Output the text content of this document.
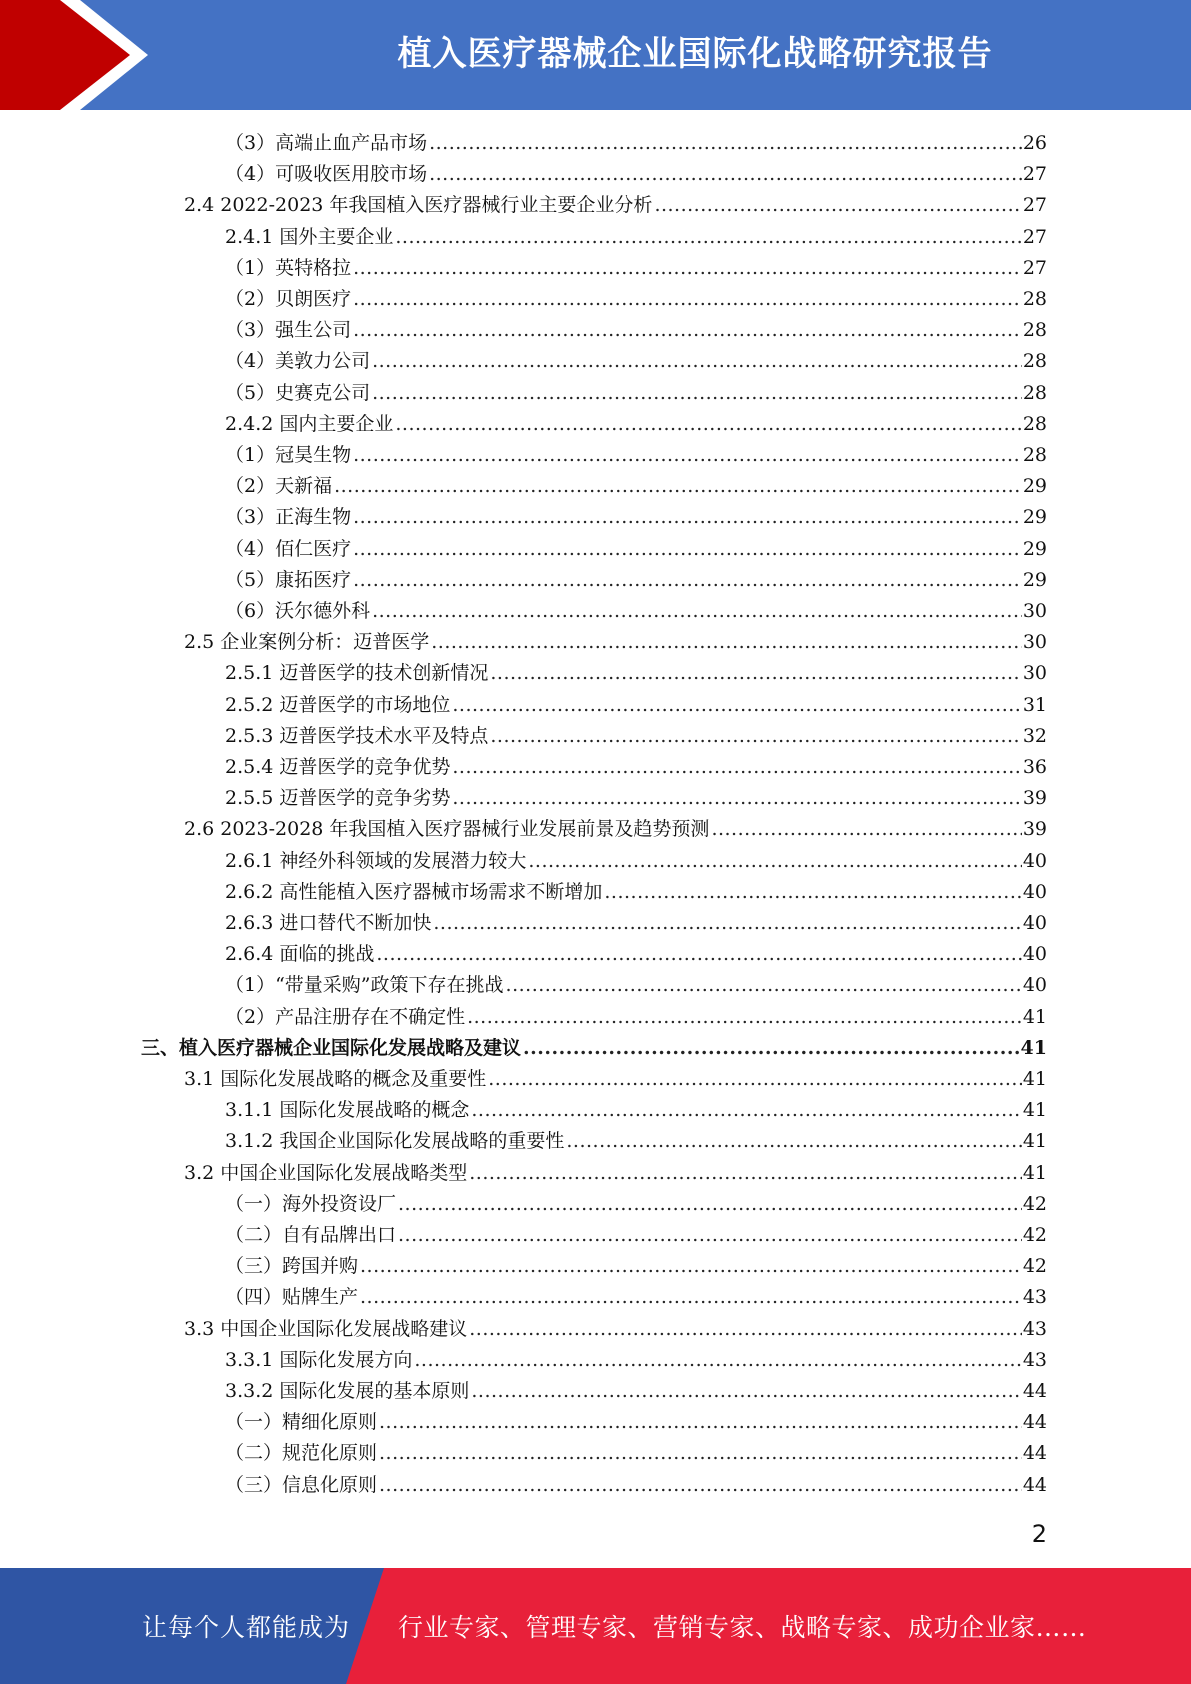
植入医疗器械企业国际化战略研究报告
（3）高端止血产品市场 .....	26
（4）可吸收医用胶市场 .....	27
2.4 2022-2023 年我国植入医疗器械行业主要企业分析 .....	27
2.4.1 国外主要企业 .....	27
（1）英特格拉 .....	27
（2）贝朗医疗 .....	28
（3）强生公司 .....	28
（4）美敦力公司 .....	28
（5）史赛克公司 .....	28
2.4.2 国内主要企业 .....	28
（1）冠昊生物 .....	28
（2）天新福 .....	29
（3）正海生物 .....	29
（4）佰仁医疗 .....	29
（5）康拓医疗 .....	29
（6）沃尔德外科 .....	30
2.5 企业案例分析：迈普医学 .....	30
2.5.1 迈普医学的技术创新情况 .....	30
2.5.2 迈普医学的市场地位 .....	31
2.5.3 迈普医学技术水平及特点 .....	32
2.5.4 迈普医学的竞争优势 .....	36
2.5.5 迈普医学的竞争劣势 .....	39
2.6 2023-2028 年我国植入医疗器械行业发展前景及趋势预测 .....	39
2.6.1 神经外科领域的发展潜力较大 .....	40
2.6.2 高性能植入医疗器械市场需求不断增加 .....	40
2.6.3 进口替代不断加快 .....	40
2.6.4 面临的挑战 .....	40
（1）“带量采购”政策下存在挑战 .....	40
（2）产品注册存在不确定性 .....	41
三、植入医疗器械企业国际化发展战略及建议 .....	41
3.1 国际化发展战略的概念及重要性 .....	41
3.1.1 国际化发展战略的概念 .....	41
3.1.2 我国企业国际化发展战略的重要性 .....	41
3.2 中国企业国际化发展战略类型 .....	41
（一）海外投资设厂 .....	42
（二）自有品牌出口 .....	42
（三）跨国并购 .....	42
（四）贴牌生产 .....	43
3.3 中国企业国际化发展战略建议 .....	43
3.3.1 国际化发展方向 .....	43
3.3.2 国际化发展的基本原则 .....	44
（一）精细化原则 .....	44
（二）规范化原则 .....	44
（三）信息化原则 .....	44
2
让每个人都能成为 行业专家、管理专家、营销专家、战略专家、成功企业家……
